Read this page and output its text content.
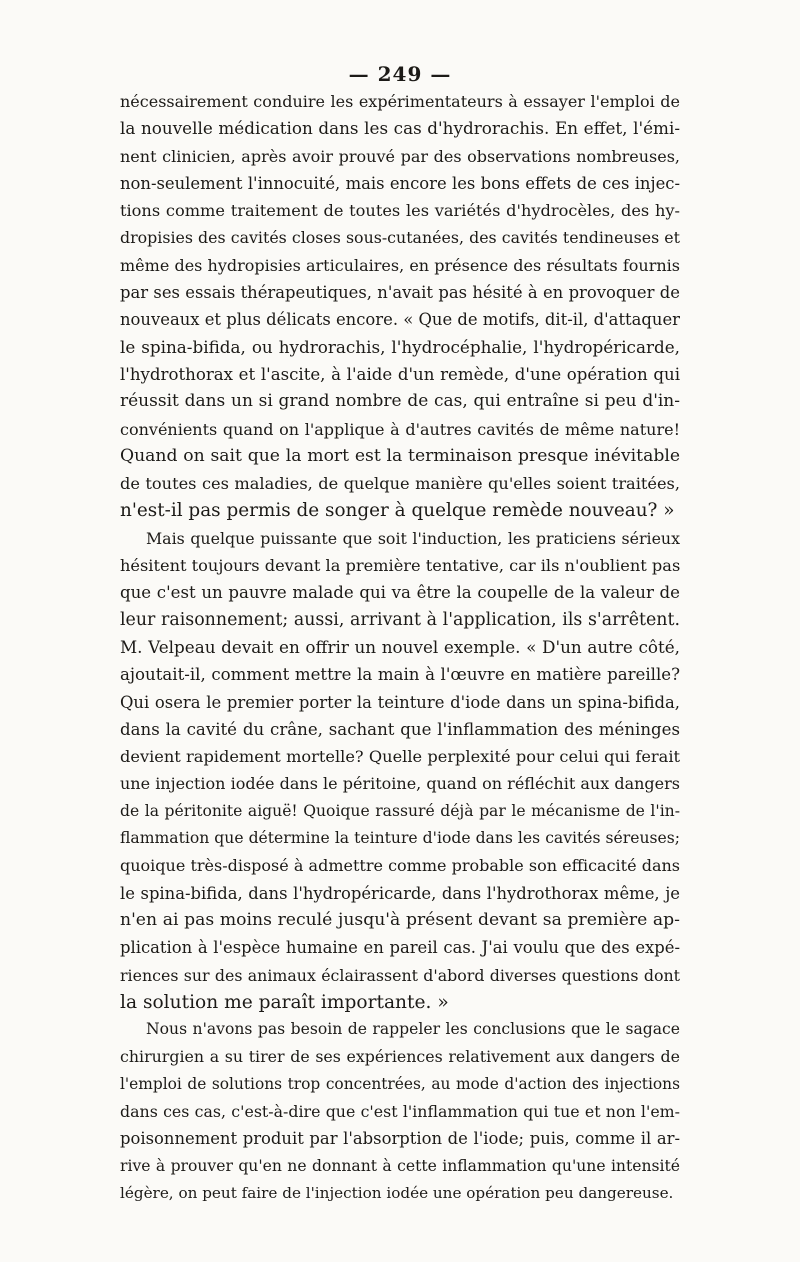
— 249 —

nécessairement conduire les expérimentateurs à essayer l'emploi de
la nouvelle médication dans les cas d'hydrorachis. En effet, l'émi-
nent clinicien, après avoir prouvé par des observations nombreuses,
non-seulement l'innocuité, mais encore les bons effets de ces injec-
tions comme traitement de toutes les variétés d'hydrocèles, des hy-
dropisies des cavités closes sous-cutanées, des cavités tendineuses et
même des hydropisies articulaires, en présence des résultats fournis
par ses essais thérapeutiques, n'avait pas hésité à en provoquer de
nouveaux et plus délicats encore. « Que de motifs, dit-il, d'attaquer
le spina-bifida, ou hydrorachis, l'hydrocéphalie, l'hydropéricarde,
l'hydrothorax et l'ascite, à l'aide d'un remède, d'une opération qui
réussit dans un si grand nombre de cas, qui entraîne si peu d'in-
convénients quand on l'applique à d'autres cavités de même nature!
Quand on sait que la mort est la terminaison presque inévitable
de toutes ces maladies, de quelque manière qu'elles soient traitées,
n'est-il pas permis de songer à quelque remède nouveau? »

Mais quelque puissante que soit l'induction, les praticiens sérieux
hésitent toujours devant la première tentative, car ils n'oublient pas
que c'est un pauvre malade qui va être la coupelle de la valeur de
leur raisonnement; aussi, arrivant à l'application, ils s'arrêtent.
M. Velpeau devait en offrir un nouvel exemple. « D'un autre côté,
ajoutait-il, comment mettre la main à l'œuvre en matière pareille?
Qui osera le premier porter la teinture d'iode dans un spina-bifida,
dans la cavité du crâne, sachant que l'inflammation des méninges
devient rapidement mortelle? Quelle perplexité pour celui qui ferait
une injection iodée dans le péritoine, quand on réfléchit aux dangers
de la péritonite aiguë! Quoique rassuré déjà par le mécanisme de l'in-
flammation que détermine la teinture d'iode dans les cavités séreuses;
quoique très-disposé à admettre comme probable son efficacité dans
le spina-bifida, dans l'hydropéricarde, dans l'hydrothorax même, je
n'en ai pas moins reculé jusqu'à présent devant sa première ap-
plication à l'espèce humaine en pareil cas. J'ai voulu que des expé-
riences sur des animaux éclairassent d'abord diverses questions dont
la solution me paraît importante. »

Nous n'avons pas besoin de rappeler les conclusions que le sagace
chirurgien a su tirer de ses expériences relativement aux dangers de
l'emploi de solutions trop concentrées, au mode d'action des injections
dans ces cas, c'est-à-dire que c'est l'inflammation qui tue et non l'em-
poisonnement produit par l'absorption de l'iode; puis, comme il ar-
rive à prouver qu'en ne donnant à cette inflammation qu'une intensité
légère, on peut faire de l'injection iodée une opération peu dangereuse.
